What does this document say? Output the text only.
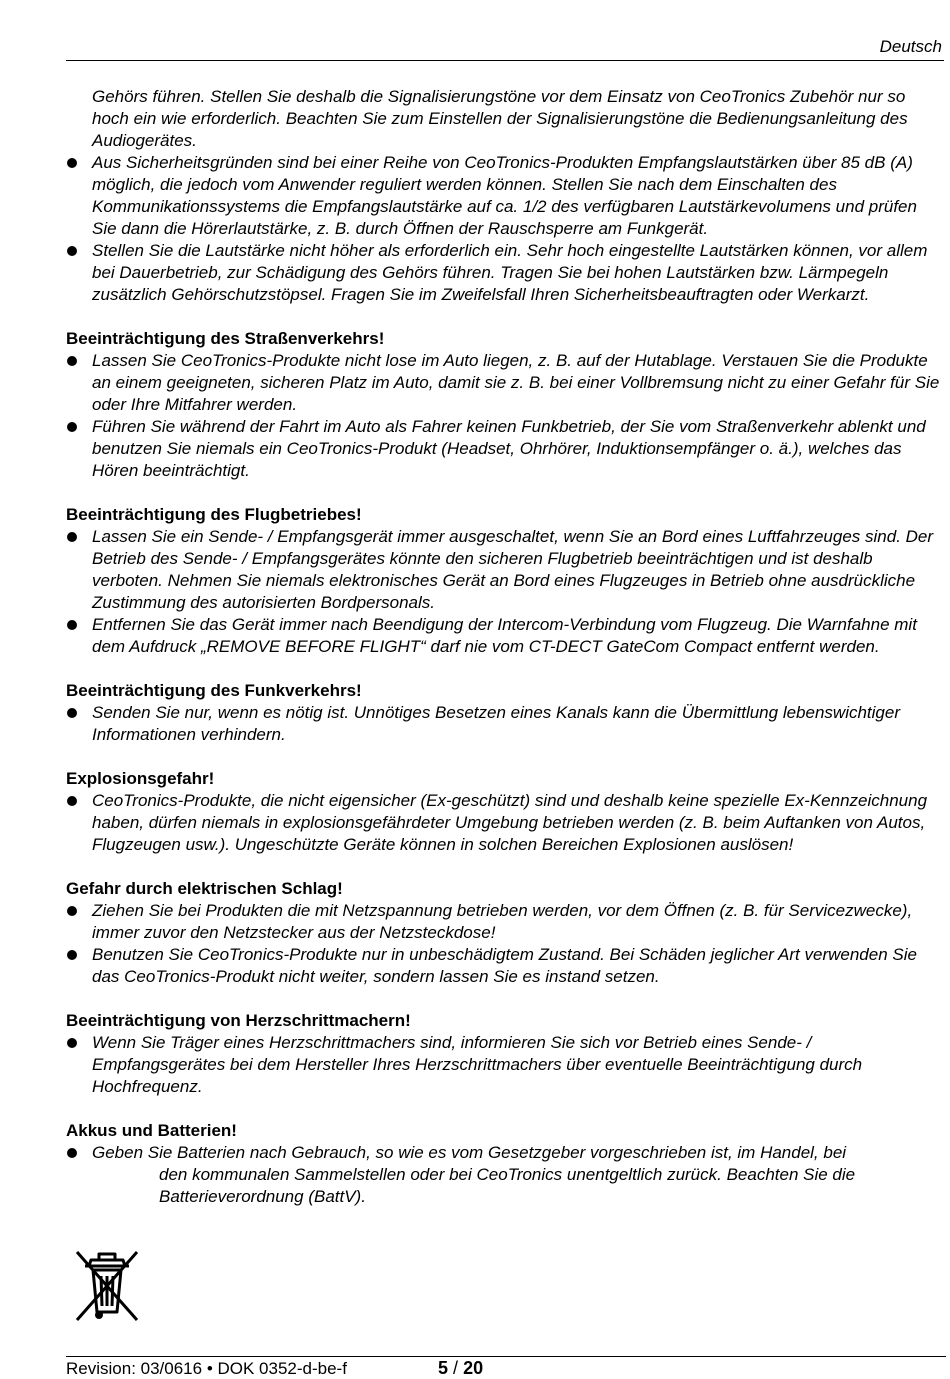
Deutsch
Gehörs führen. Stellen Sie deshalb die Signalisierungstöne vor dem Einsatz von CeoTronics Zubehör nur so hoch ein wie erforderlich. Beachten Sie zum Einstellen der Signalisierungstöne die Bedienungsanleitung des Audiogerätes.
Aus Sicherheitsgründen sind bei einer Reihe von CeoTronics-Produkten Empfangslautstärken über 85 dB (A) möglich, die jedoch vom Anwender reguliert werden können. Stellen Sie nach dem Einschalten des Kommunikationssystems die Empfangslautstärke auf ca. 1/2 des verfügbaren Lautstärkevolumens und prüfen Sie dann die Hörerlautstärke, z. B. durch Öffnen der Rauschsperre am Funkgerät.
Stellen Sie die Lautstärke nicht höher als erforderlich ein. Sehr hoch eingestellte Lautstärken können, vor allem bei Dauerbetrieb, zur Schädigung des Gehörs führen. Tragen Sie bei hohen Lautstärken bzw. Lärmpegeln zusätzlich Gehörschutzstöpsel. Fragen Sie im Zweifelsfall Ihren Sicherheitsbeauftragten oder Werkarzt.
Beeinträchtigung des Straßenverkehrs!
Lassen Sie CeoTronics-Produkte nicht lose im Auto liegen, z. B. auf der Hutablage. Verstauen Sie die Produkte an einem geeigneten, sicheren Platz im Auto, damit sie z. B. bei einer Vollbremsung nicht zu einer Gefahr für Sie oder Ihre Mitfahrer werden.
Führen Sie während der Fahrt im Auto als Fahrer keinen Funkbetrieb, der Sie vom Straßenverkehr ablenkt und benutzen Sie niemals ein CeoTronics-Produkt (Headset, Ohrhörer, Induktionsempfänger o. ä.), welches das Hören beeinträchtigt.
Beeinträchtigung des Flugbetriebes!
Lassen Sie ein Sende- / Empfangsgerät immer ausgeschaltet, wenn Sie an Bord eines Luftfahrzeuges sind. Der Betrieb des Sende- / Empfangsgerätes könnte den sicheren Flugbetrieb beeinträchtigen und ist deshalb verboten. Nehmen Sie niemals elektronisches Gerät an Bord eines Flugzeuges in Betrieb ohne ausdrückliche Zustimmung des autorisierten Bordpersonals.
Entfernen Sie das Gerät immer nach Beendigung der Intercom-Verbindung vom Flugzeug. Die Warnfahne mit dem Aufdruck „REMOVE BEFORE FLIGHT“ darf nie vom CT-DECT GateCom Compact entfernt werden.
Beeinträchtigung des Funkverkehrs!
Senden Sie nur, wenn es nötig ist. Unnötiges Besetzen eines Kanals kann die Übermittlung lebenswichtiger Informationen verhindern.
Explosionsgefahr!
CeoTronics-Produkte, die nicht eigensicher (Ex-geschützt) sind und deshalb keine spezielle Ex-Kennzeichnung haben, dürfen niemals in explosionsgefährdeter Umgebung betrieben werden (z. B. beim Auftanken von Autos, Flugzeugen usw.). Ungeschützte Geräte können in solchen Bereichen Explosionen auslösen!
Gefahr durch elektrischen Schlag!
Ziehen Sie bei Produkten die mit Netzspannung betrieben werden, vor dem Öffnen (z. B. für Servicezwecke), immer zuvor den Netzstecker aus der Netzsteckdose!
Benutzen Sie CeoTronics-Produkte nur in unbeschädigtem Zustand. Bei Schäden jeglicher Art verwenden Sie das CeoTronics-Produkt nicht weiter, sondern lassen Sie es instand setzen.
Beeinträchtigung von Herzschrittmachern!
Wenn Sie Träger eines Herzschrittmachers sind, informieren Sie sich vor Betrieb eines Sende- / Empfangsgerätes bei dem Hersteller Ihres Herzschrittmachers über eventuelle Beeinträchtigung durch Hochfrequenz.
Akkus und Batterien!
Geben Sie Batterien nach Gebrauch, so wie es vom Gesetzgeber vorgeschrieben ist, im Handel, bei
den kommunalen Sammelstellen oder bei CeoTronics unentgeltlich zurück. Beachten Sie die Batterieverordnung (BattV).
Revision: 03/0616 • DOK 0352-d-be-f	5 / 20
